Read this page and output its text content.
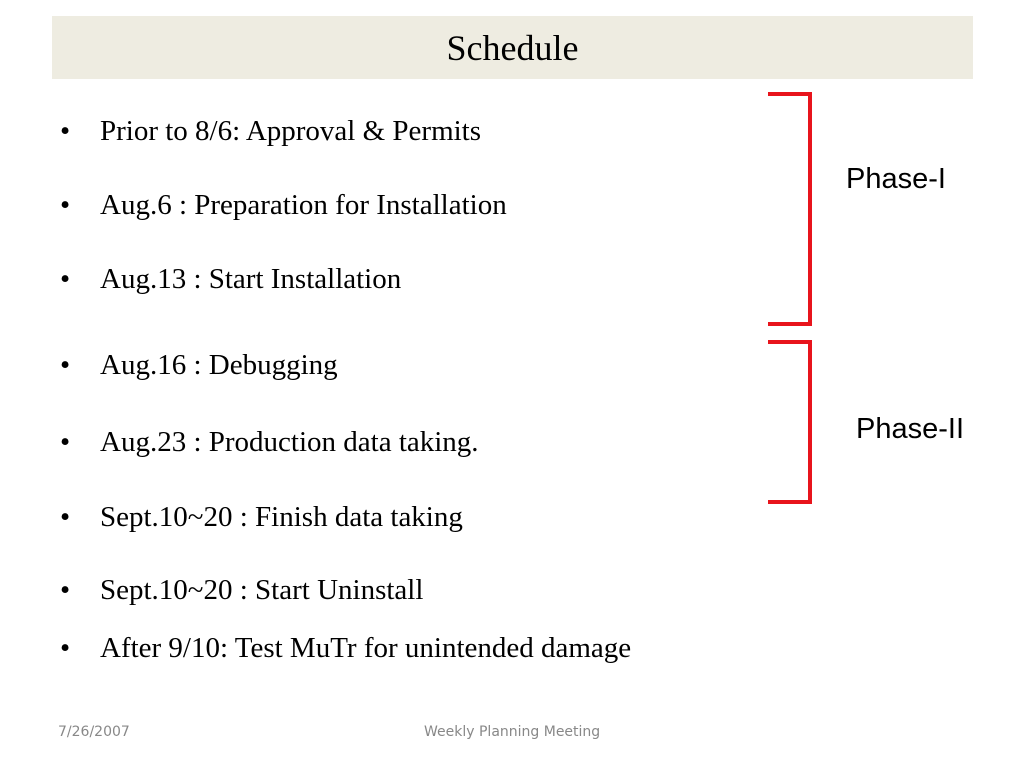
Schedule
•	Prior to 8/6: Approval & Permits
•	Aug.6 : Preparation for Installation
•	Aug.13 : Start Installation
•	Aug.16 : Debugging
•	Aug.23 : Production data taking.
•	Sept.10~20 : Finish data taking
•	Sept.10~20 : Start Uninstall
•	After 9/10: Test MuTr for unintended damage
Phase-I
Phase-II
7/26/2007	Weekly Planning Meeting
